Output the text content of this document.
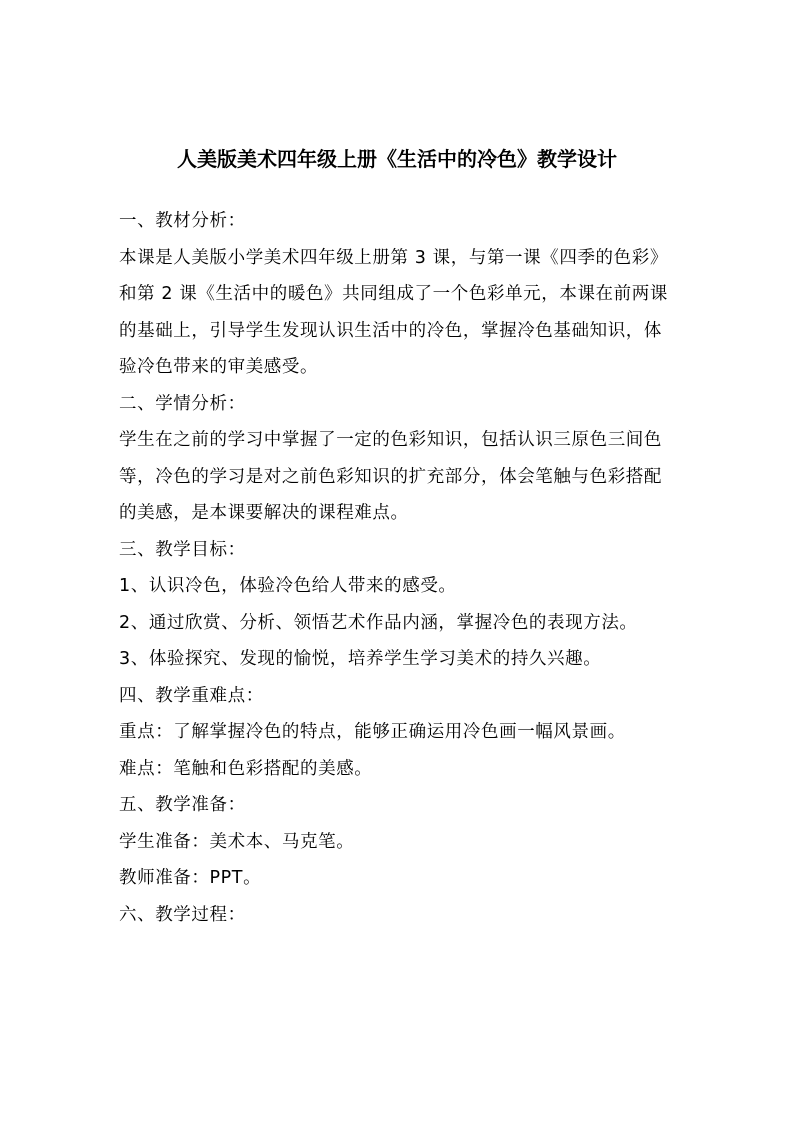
人美版美术四年级上册《生活中的冷色》教学设计

一、教材分析：

本课是人美版小学美术四年级上册第 3 课，与第一课《四季的色彩》

和第 2 课《生活中的暖色》共同组成了一个色彩单元，本课在前两课

的基础上，引导学生发现认识生活中的冷色，掌握冷色基础知识，体

验冷色带来的审美感受。

二、学情分析：

学生在之前的学习中掌握了一定的色彩知识，包括认识三原色三间色

等，冷色的学习是对之前色彩知识的扩充部分，体会笔触与色彩搭配

的美感，是本课要解决的课程难点。

三、教学目标：

1、认识冷色，体验冷色给人带来的感受。

2、通过欣赏、分析、领悟艺术作品内涵，掌握冷色的表现方法。

3、体验探究、发现的愉悦，培养学生学习美术的持久兴趣。

四、教学重难点：

重点：了解掌握冷色的特点，能够正确运用冷色画一幅风景画。

难点：笔触和色彩搭配的美感。

五、教学准备：

学生准备：美术本、马克笔。

教师准备：PPT。

六、教学过程：
